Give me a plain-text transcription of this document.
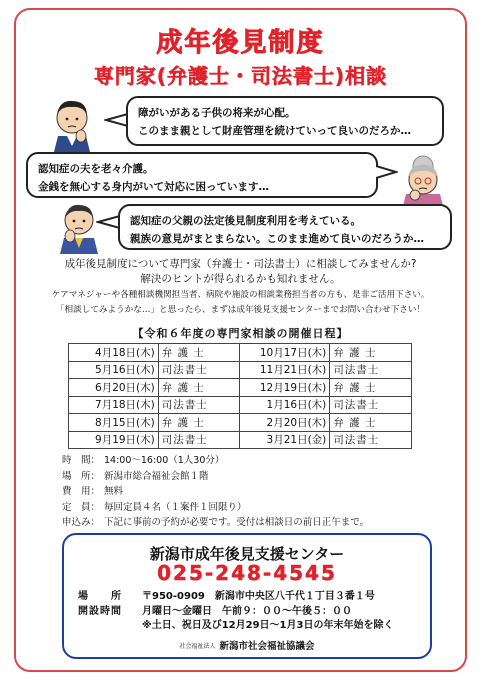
成年後見制度
専門家(弁護士・司法書士)相談
障がいがある子供の将来が心配。
このまま親として財産管理を続けていって良いのだろか…
認知症の夫を老々介護。
金銭を無心する身内がいて対応に困っています…
認知症の父親の法定後見制度利用を考えている。
親族の意見がまとまらない。このまま進めて良いのだろうか…
成年後見制度について専門家（弁護士・司法書士）に相談してみませんか?
解決のヒントが得られるかも知れません。
ケアマネジャーや各種相談機関担当者、病院や施設の相談業務担当者の方も、是非ご活用下さい。
「相談してみようかな…」と思ったら、まずは成年後見支援センターまでお問い合わせ下さい！
【令和６年度の専門家相談の開催日程】
4月18日(木)	弁 護 士	10月17日(木)	弁 護 士
5月16日(木)	司法書士	11月21日(木)	司法書士
6月20日(木)	弁 護 士	12月19日(木)	弁 護 士
7月18日(木)	司法書士	1月16日(木)	司法書士
8月15日(木)	弁 護 士	2月20日(木)	弁 護 士
9月19日(木)	司法書士	3月21日(金)	司法書士
時　間： 14:00～16:00（1人30分）
場　所： 新潟市総合福祉会館１階
費　用： 無料
定　員： 毎回定員４名（１案件１回限り）
申込み： 下記に事前の予約が必要です。受付は相談日の前日正午まで。
新潟市成年後見支援センター
025-248-4545
場　　所	〒950-0909　新潟市中央区八千代１丁目３番１号
開設時間	月曜日～金曜日　午前９：００～午後５：００
※土日、祝日及び12月29日～1月3日の年末年始を除く
社会福祉法人 新潟市社会福祉協議会
